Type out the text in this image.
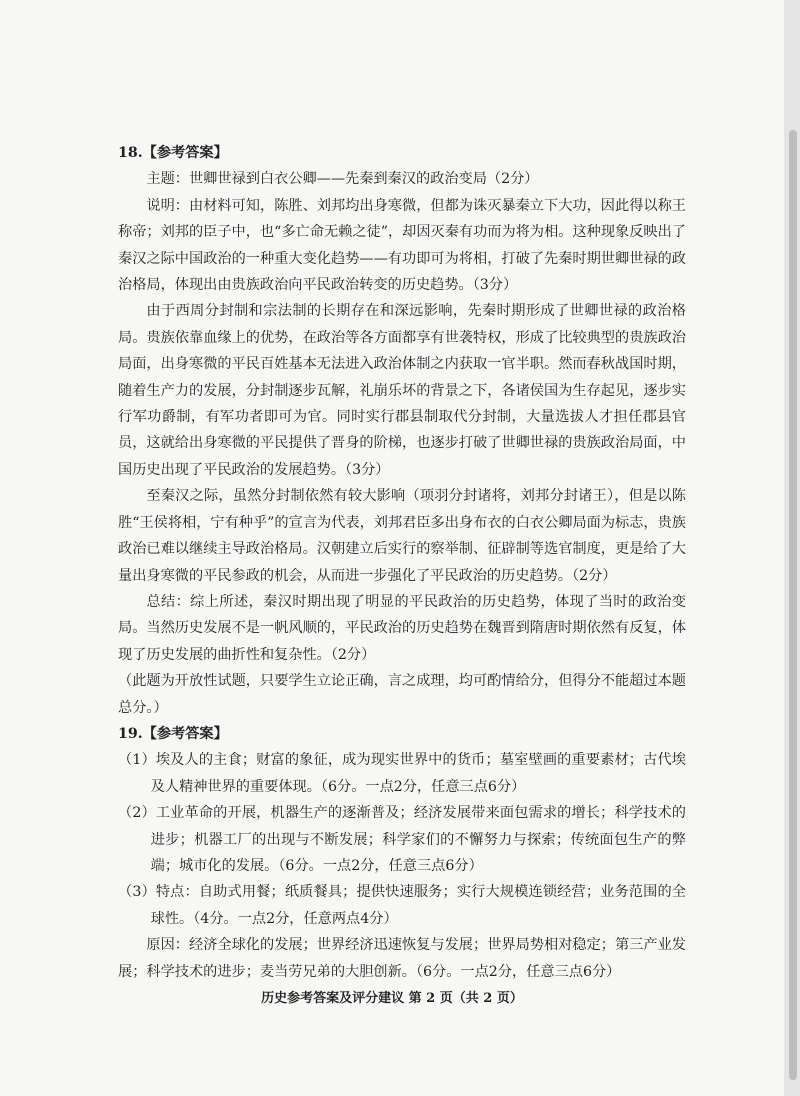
18.【参考答案】

主题：世卿世禄到白衣公卿——先秦到秦汉的政治变局（2分）

说明：由材料可知，陈胜、刘邦均出身寒微，但都为诛灭暴秦立下大功，因此得以称王称帝；刘邦的臣子中，也“多亡命无赖之徒”，却因灭秦有功而为将为相。这种现象反映出了秦汉之际中国政治的一种重大变化趋势——有功即可为将相，打破了先秦时期世卿世禄的政治格局，体现出由贵族政治向平民政治转变的历史趋势。（3分）

由于西周分封制和宗法制的长期存在和深远影响，先秦时期形成了世卿世禄的政治格局。贵族依靠血缘上的优势，在政治等各方面都享有世袭特权，形成了比较典型的贵族政治局面，出身寒微的平民百姓基本无法进入政治体制之内获取一官半职。然而春秋战国时期，随着生产力的发展，分封制逐步瓦解，礼崩乐坏的背景之下，各诸侯国为生存起见，逐步实行军功爵制，有军功者即可为官。同时实行郡县制取代分封制，大量选拔人才担任郡县官员，这就给出身寒微的平民提供了晋身的阶梯，也逐步打破了世卿世禄的贵族政治局面，中国历史出现了平民政治的发展趋势。（3分）

至秦汉之际，虽然分封制依然有较大影响（项羽分封诸将，刘邦分封诸王），但是以陈胜“王侯将相，宁有种乎”的宣言为代表，刘邦君臣多出身布衣的白衣公卿局面为标志，贵族政治已难以继续主导政治格局。汉朝建立后实行的察举制、征辟制等选官制度，更是给了大量出身寒微的平民参政的机会，从而进一步强化了平民政治的历史趋势。（2分）

总结：综上所述，秦汉时期出现了明显的平民政治的历史趋势，体现了当时的政治变局。当然历史发展不是一帆风顺的，平民政治的历史趋势在魏晋到隋唐时期依然有反复，体现了历史发展的曲折性和复杂性。（2分）

（此题为开放性试题，只要学生立论正确，言之成理，均可酌情给分，但得分不能超过本题总分。）

19.【参考答案】

（1）埃及人的主食；财富的象征，成为现实世界中的货币；墓室壁画的重要素材；古代埃及人精神世界的重要体现。（6分。一点2分，任意三点6分）

（2）工业革命的开展，机器生产的逐渐普及；经济发展带来面包需求的增长；科学技术的进步；机器工厂的出现与不断发展；科学家们的不懈努力与探索；传统面包生产的弊端；城市化的发展。（6分。一点2分，任意三点6分）

（3）特点：自助式用餐；纸质餐具；提供快速服务；实行大规模连锁经营；业务范围的全球性。（4分。一点2分，任意两点4分）

原因：经济全球化的发展；世界经济迅速恢复与发展；世界局势相对稳定；第三产业发展；科学技术的进步；麦当劳兄弟的大胆创新。（6分。一点2分，任意三点6分）

历史参考答案及评分建议 第 2 页（共 2 页）
